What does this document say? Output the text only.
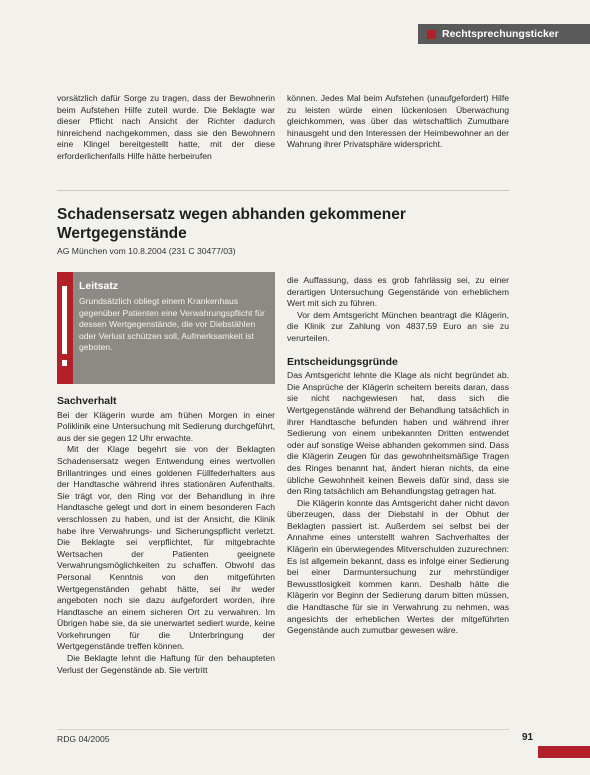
Rechtsprechungsticker

vorsätzlich dafür Sorge zu tragen, dass der Bewohnerin beim Aufstehen Hilfe zuteil wurde. Die Beklagte war dieser Pflicht nach Ansicht der Richter dadurch hinreichend nachgekommen, dass sie den Bewohnern eine Klingel bereitgestellt hatte, mit der diese erforderlichenfalls Hilfe hätte herbeirufen

können. Jedes Mal beim Aufstehen (unaufgefordert) Hilfe zu leisten würde einen lückenlosen Überwachung gleichkommen, was über das wirtschaftlich Zumutbare hinausgeht und den Interessen der Heimbewohner an der Wahrung ihrer Privatsphäre widerspricht.

Schadensersatz wegen abhanden gekommener Wertgegenstände
AG München vom 10.8.2004 (231 C 30477/03)
Leitsatz

Grundsätzlich obliegt einem Krankenhaus gegenüber Patienten eine Verwahrungspflicht für dessen Wertgegenstände, die vor Diebstählen oder Verlust schützen soll, Aufmerksamkeit ist geboten.

Sachverhalt

Bei der Klägerin wurde am frühen Morgen in einer Poliklinik eine Untersuchung mit Sedierung durchgeführt, aus der sie gegen 12 Uhr erwachte.

Mit der Klage begehrt sie von der Beklagten Schadensersatz wegen Entwendung eines wertvollen Brillantringes und eines goldenen Füllfederhalters aus der Handtasche während ihres stationären Aufenthalts. Sie trägt vor, den Ring vor der Behandlung in ihre Handtasche gelegt und dort in einem besonderen Fach verschlossen zu haben, und ist der Ansicht, die Klinik habe ihre Verwahrungs- und Sicherungspflicht verletzt. Die Beklagte sei verpflichtet, für mitgebrachte Wertsachen der Patienten geeignete Verwahrungsmöglichkeiten zu schaffen. Obwohl das Personal Kenntnis von den mitgeführten Wertgegenständen gehabt hätte, sei ihr weder angeboten noch sie dazu aufgefordert worden, ihre Handtasche an einem sicheren Ort zu verwahren. Im Übrigen habe sie, da sie unerwartet sediert wurde, keine Vorkehrungen für die Unterbringung der Wertgegenstände treffen können.

Die Beklagte lehnt die Haftung für den behaupteten Verlust der Gegenstände ab. Sie vertritt

die Auffassung, dass es grob fahrlässig sei, zu einer derartigen Untersuchung Gegenstände von erheblichem Wert mit sich zu führen.

Vor dem Amtsgericht München beantragt die Klägerin, die Klinik zur Zahlung von 4837,59 Euro an sie zu verurteilen.

Entscheidungsgründe

Das Amtsgericht lehnte die Klage als nicht begründet ab. Die Ansprüche der Klägerin scheitern bereits daran, dass sie nicht nachgewiesen hat, dass sich die Wertgegenstände während der Behandlung tatsächlich in ihrer Handtasche befunden haben und während ihrer Sedierung von einem unbekannten Dritten entwendet oder auf sonstige Weise abhanden gekommen sind. Dass die Klägerin Zeugen für das gewohnheitsmäßige Tragen des Ringes benannt hat, ändert hieran nichts, da eine übliche Gewohnheit keinen Beweis dafür sind, dass sie den Ring tatsächlich am Behandlungstag getragen hat.

Die Klägerin konnte das Amtsgericht daher nicht davon überzeugen, dass der Diebstahl in der Obhut der Beklagten passiert ist. Außerdem sei selbst bei der Annahme eines unterstellt wahren Sachverhaltes der Klägerin ein überwiegendes Mitverschulden zuzurechnen: Es ist allgemein bekannt, dass es infolge einer Sedierung bei einer Darmuntersuchung zur mehrstündiger Bewusstlosigkeit kommen kann. Deshalb hätte die Klägerin vor Beginn der Sedierung darum bitten müssen, die Handtasche für sie in Verwahrung zu nehmen, was angesichts der erheblichen Wertes der mitgeführten Gegenstände auch zumutbar gewesen wäre.

RDG 04/2005	91
